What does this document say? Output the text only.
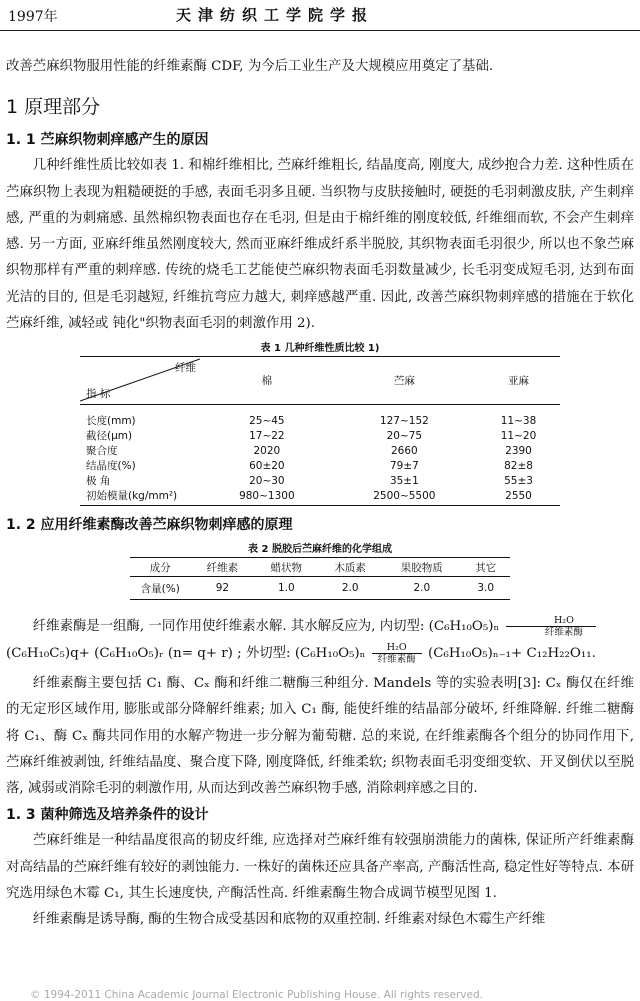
1997年	天津纺织工学院学报

改善苎麻织物服用性能的纤维素酶 CDF, 为今后工业生产及大规模应用奠定了基础.

1 原理部分
1. 1 苎麻织物刺痒感产生的原因

几种纤维性质比较如表 1. 和棉纤维相比, 苎麻纤维粗长, 结晶度高, 刚度大, 成纱抱合力差. 这种性质在苎麻织物上表现为粗糙硬挺的手感, 表面毛羽多且硬. 当织物与皮肤接触时, 硬挺的毛羽刺激皮肤, 产生刺痒感, 严重的为刺痛感. 虽然棉织物表面也存在毛羽, 但是由于棉纤维的刚度较低, 纤维细而软, 不会产生刺痒感. 另一方面, 亚麻纤维虽然刚度较大, 然而亚麻纤维成纤系半脱胶, 其织物表面毛羽很少, 所以也不象苎麻织物那样有严重的刺痒感. 传统的烧毛工艺能使苎麻织物表面毛羽数量减少, 长毛羽变成短毛羽, 达到布面光洁的目的, 但是毛羽越短, 纤维抗弯应力越大, 刺痒感越严重. 因此, 改善苎麻织物刺痒感的措施在于软化苎麻纤维, 减轻或 钝化"织物表面毛羽的刺激作用 2).

表 1 几种纤维性质比较 1)
纤维
指 标	棉	苎麻	亚麻
长度(mm)	25~45	127~152	11~38
截径(μm)	17~22	20~75	11~20
聚合度	2020	2660	2390
结晶度(%)	60±20	79±7	82±8
极 角	20~30	35±1	55±3
初始模量(kg/mm²)	980~1300	2500~5500	2550
1. 2 应用纤维素酶改善苎麻织物刺痒感的原理
表 2 脱胶后苎麻纤维的化学组成
成分	纤维素	蜡状物	木质素	果胶物质	其它
含量(%)	92	1.0	2.0	2.0	3.0

纤维素酶是一组酶, 一同作用使纤维素水解. 其水解反应为, 内切型: $(C_6H_{10}O_5)_n \frac{\text{H₂O}}{\text{纤维素酶}}$

(C₆H₁₀C₅)q+ (C₆H₁₀O₅)ᵣ (n= q+ r) ; 外切型: $(C_6H_{10}O_5)_n \frac{\text{H₂O}}{\text{纤维素酶}} (C_6H_{10}O_5)_{n-1}+ C_{12}H_{22}O_{11}$.

纤维素酶主要包括 C₁ 酶、Cₓ 酶和纤维二糖酶三种组分. Mandels 等的实验表明[3]: Cₓ 酶仅在纤维的无定形区域作用, 膨胀或部分降解纤维素; 加入 C₁ 酶, 能使纤维的结晶部分破坏, 纤维降解. 纤维二糖酶将 C₁、酶 Cₓ 酶共同作用的水解产物进一步分解为葡萄糖. 总的来说, 在纤维素酶各个组分的协同作用下, 苎麻纤维被剥蚀, 纤维结晶度、聚合度下降, 刚度降低, 纤维柔软; 织物表面毛羽变细变软、开叉倒伏以至脱落, 减弱或消除毛羽的刺激作用, 从而达到改善苎麻织物手感, 消除刺痒感之目的.

1. 3 菌种筛选及培养条件的设计

苎麻纤维是一种结晶度很高的韧皮纤维, 应选择对苎麻纤维有较强崩溃能力的菌株, 保证所产纤维素酶对高结晶的苎麻纤维有较好的剥蚀能力. 一株好的菌株还应具备产率高, 产酶活性高, 稳定性好等特点. 本研究选用绿色木霉 C₁, 其生长速度快, 产酶活性高. 纤维素酶生物合成调节模型见图 1.

纤维素酶是诱导酶, 酶的生物合成受基因和底物的双重控制. 纤维素对绿色木霉生产纤维

© 1994-2011 China Academic Journal Electronic Publishing House. All rights reserved.
